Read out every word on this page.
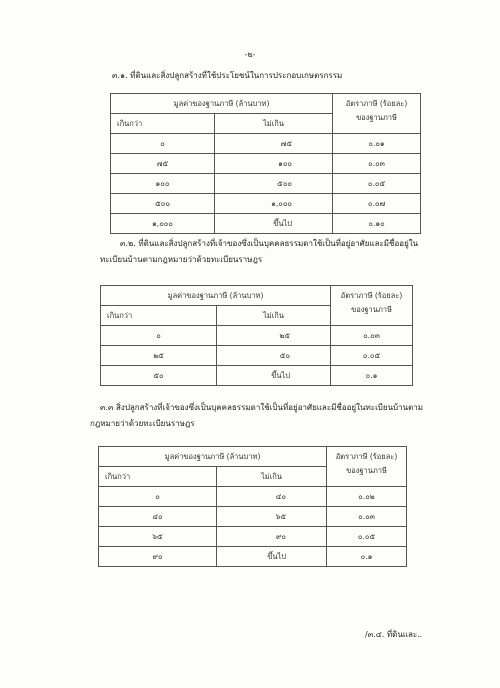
-๒-
๓.๑. ที่ดินและสิ่งปลูกสร้างที่ใช้ประโยชน์ในการประกอบเกษตรกรรม
มูลค่าของฐานภาษี (ล้านบาท)		อัตราภาษี (ร้อยละ)
ของฐานภาษี

เกินกว่า	ไม่เกิน	
๐	๗๕	๐.๐๑
๗๕	๑๐๐	๐.๐๓
๑๐๐	๕๐๐	๐.๐๕
๕๐๐	๑,๐๐๐	๐.๐๗
๑,๐๐๐	ขึ้นไป	๐.๑๐
๓.๒. ที่ดินและสิ่งปลูกสร้างที่เจ้าของซึ่งเป็นบุคคลธรรมดาใช้เป็นที่อยู่อาศัยและมีชื่ออยู่ใน
ทะเบียนบ้านตามกฎหมายว่าด้วยทะเบียนราษฎร
มูลค่าของฐานภาษี (ล้านบาท)		อัตราภาษี (ร้อยละ)
ของฐานภาษี

เกินกว่า	ไม่เกิน	
๐	๒๕	๐.๐๓
๒๕	๕๐	๐.๐๕
๕๐	ขึ้นไป	๐.๑
๓.๓ สิ่งปลูกสร้างที่เจ้าของซึ่งเป็นบุคคลธรรมดาใช้เป็นที่อยู่อาศัยและมีชื่ออยู่ในทะเบียนบ้านตาม
กฎหมายว่าด้วยทะเบียนราษฎร
มูลค่าของฐานภาษี (ล้านบาท)		อัตราภาษี (ร้อยละ)
ของฐานภาษี

เกินกว่า	ไม่เกิน	
๐	๔๐	๐.๐๒
๔๐	๖๕	๐.๐๓
๖๕	๙๐	๐.๐๕
๙๐	ขึ้นไป	๐.๑
/๓.๔. ที่ดินและ..
